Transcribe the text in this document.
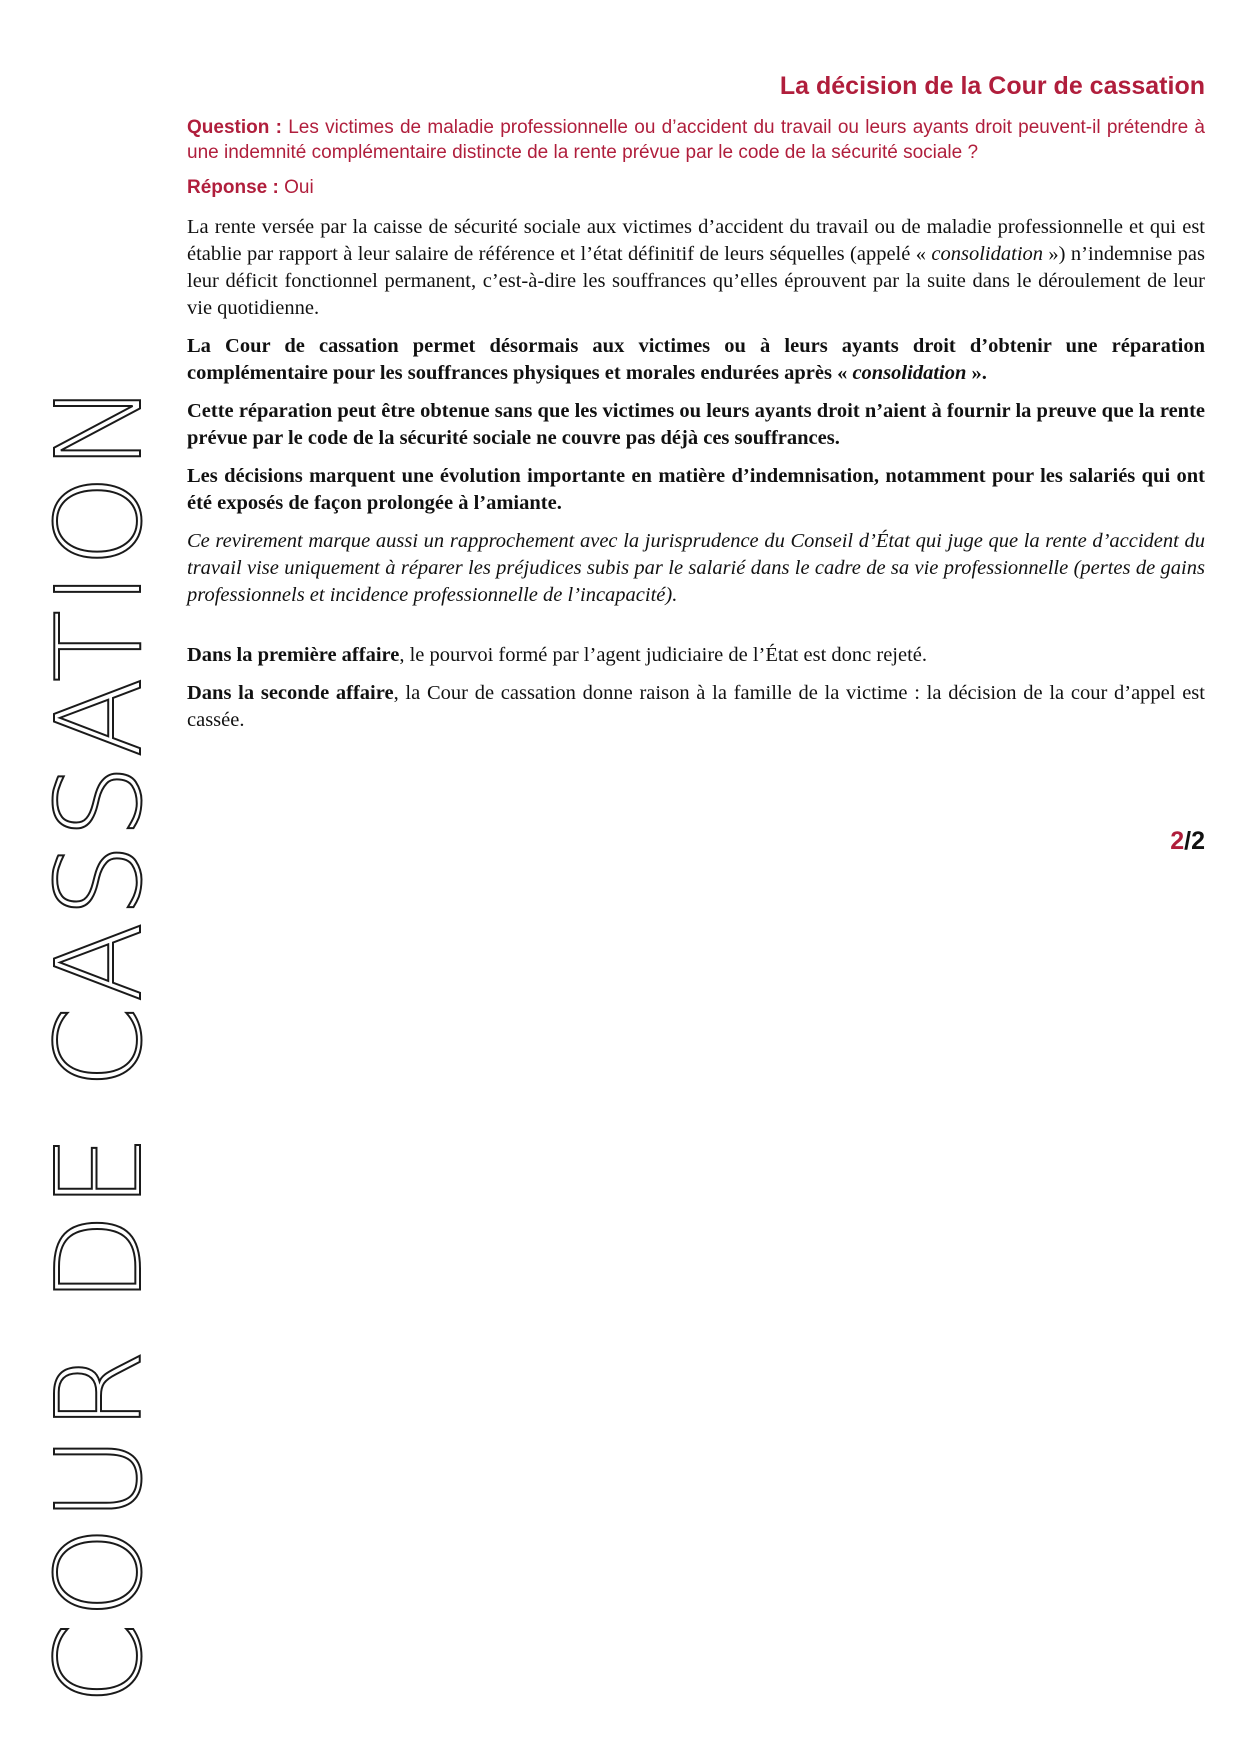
COUR DE CASSATION
La décision de la Cour de cassation

Question : Les victimes de maladie professionnelle ou d’accident du travail ou leurs ayants droit peuvent-il prétendre à une indemnité complémentaire distincte de la rente prévue par le code de la sécurité sociale ?

Réponse : Oui

La rente versée par la caisse de sécurité sociale aux victimes d’accident du travail ou de maladie professionnelle et qui est établie par rapport à leur salaire de référence et l’état définitif de leurs séquelles (appelé « consolidation ») n’indemnise pas leur déficit fonctionnel permanent, c’est-à-dire les souffrances qu’elles éprouvent par la suite dans le déroulement de leur vie quotidienne.

La Cour de cassation permet désormais aux victimes ou à leurs ayants droit d’obtenir une réparation complémentaire pour les souffrances physiques et morales endurées après « consolidation ».

Cette réparation peut être obtenue sans que les victimes ou leurs ayants droit n’aient à fournir la preuve que la rente prévue par le code de la sécurité sociale ne couvre pas déjà ces souffrances.

Les décisions marquent une évolution importante en matière d’indemnisation, notamment pour les salariés qui ont été exposés de façon prolongée à l’amiante.

Ce revirement marque aussi un rapprochement avec la jurisprudence du Conseil d’État qui juge que la rente d’accident du travail vise uniquement à réparer les préjudices subis par le salarié dans le cadre de sa vie professionnelle (pertes de gains professionnels et incidence professionnelle de l’incapacité).

Dans la première affaire, le pourvoi formé par l’agent judiciaire de l’État est donc rejeté.

Dans la seconde affaire, la Cour de cassation donne raison à la famille de la victime : la décision de la cour d’appel est cassée.

2/2
